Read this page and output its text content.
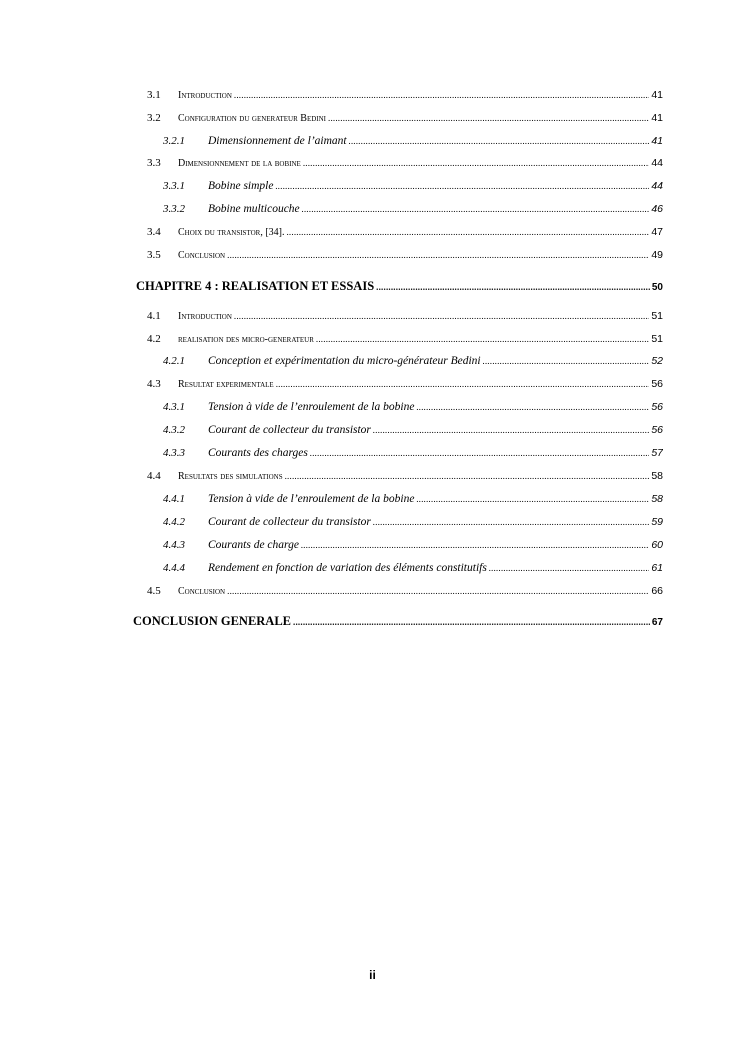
3.1	Introduction .....	41
3.2	Configuration du generateur Bedini .....	41
3.2.1	Dimensionnement de l’aimant .....	41
3.3	Dimensionnement de la bobine .....	44
3.3.1	Bobine simple .....	44
3.3.2	Bobine multicouche .....	46
3.4	Choix du transistor, [34]. .....	47
3.5	Conclusion .....	49
CHAPITRE 4 : REALISATION ET ESSAIS .....	50
4.1	Introduction .....	51
4.2	realisation des micro-generateur .....	51
4.2.1	Conception et expérimentation du micro-générateur Bedini .....	52
4.3	Resultat experimentale .....	56
4.3.1	Tension à vide de l’enroulement de la bobine .....	56
4.3.2	Courant de collecteur du transistor .....	56
4.3.3	Courants des charges .....	57
4.4	Resultats des simulations .....	58
4.4.1	Tension à vide de l’enroulement de la bobine .....	58
4.4.2	Courant de collecteur du transistor .....	59
4.4.3	Courants de charge .....	60
4.4.4	Rendement en fonction de variation des éléments constitutifs .....	61
4.5	Conclusion .....	66
CONCLUSION GENERALE .....	67
ii
